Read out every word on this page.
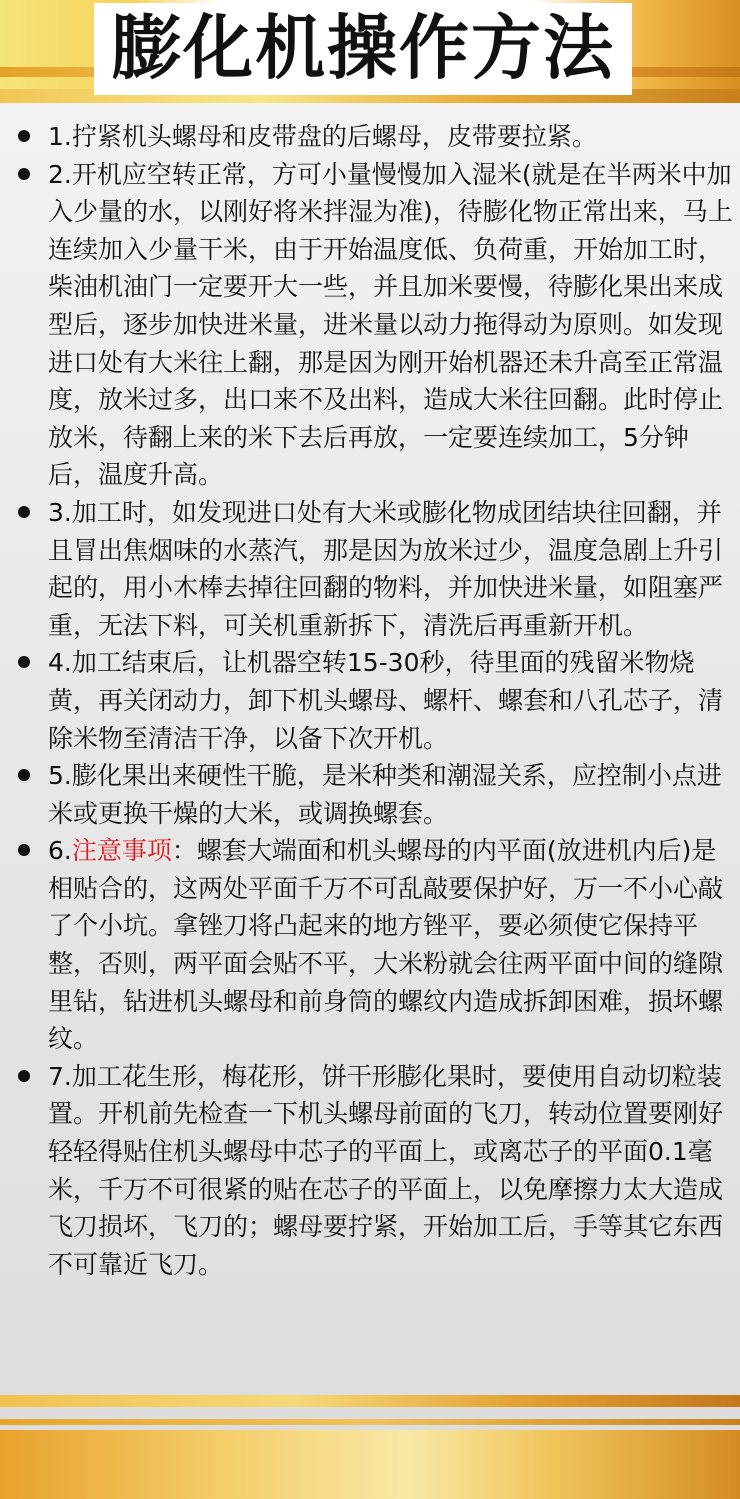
膨化机操作方法

1.拧紧机头螺母和皮带盘的后螺母，皮带要拉紧。

2.开机应空转正常，方可小量慢慢加入湿米(就是在半两米中加入少量的水，以刚好将米拌湿为准)，待膨化物正常出来，马上连续加入少量干米，由于开始温度低、负荷重，开始加工时，柴油机油门一定要开大一些，并且加米要慢，待膨化果出来成型后，逐步加快进米量，进米量以动力拖得动为原则。如发现进口处有大米往上翻，那是因为刚开始机器还未升高至正常温度，放米过多，出口来不及出料，造成大米往回翻。此时停止放米，待翻上来的米下去后再放，一定要连续加工，5分钟后，温度升高。

3.加工时，如发现进口处有大米或膨化物成团结块往回翻，并且冒出焦烟味的水蒸汽，那是因为放米过少，温度急剧上升引起的，用小木棒去掉往回翻的物料，并加快进米量，如阻塞严重，无法下料，可关机重新拆下，清洗后再重新开机。

4.加工结束后，让机器空转15-30秒，待里面的残留米物烧黄，再关闭动力，卸下机头螺母、螺杆、螺套和八孔芯子，清除米物至清洁干净，以备下次开机。

5.膨化果出来硬性干脆，是米种类和潮湿关系，应控制小点进米或更换干燥的大米，或调换螺套。

6.注意事项：螺套大端面和机头螺母的内平面(放进机内后)是相贴合的，这两处平面千万不可乱敲要保护好，万一不小心敲了个小坑。拿锉刀将凸起来的地方锉平，要必须使它保持平整，否则，两平面会贴不平，大米粉就会往两平面中间的缝隙里钻，钻进机头螺母和前身筒的螺纹内造成拆卸困难，损坏螺纹。

7.加工花生形，梅花形，饼干形膨化果时，要使用自动切粒装置。开机前先检查一下机头螺母前面的飞刀，转动位置要刚好轻轻得贴住机头螺母中芯子的平面上，或离芯子的平面0.1毫米，千万不可很紧的贴在芯子的平面上，以免摩擦力太大造成飞刀损坏，飞刀的；螺母要拧紧，开始加工后，手等其它东西不可靠近飞刀。
